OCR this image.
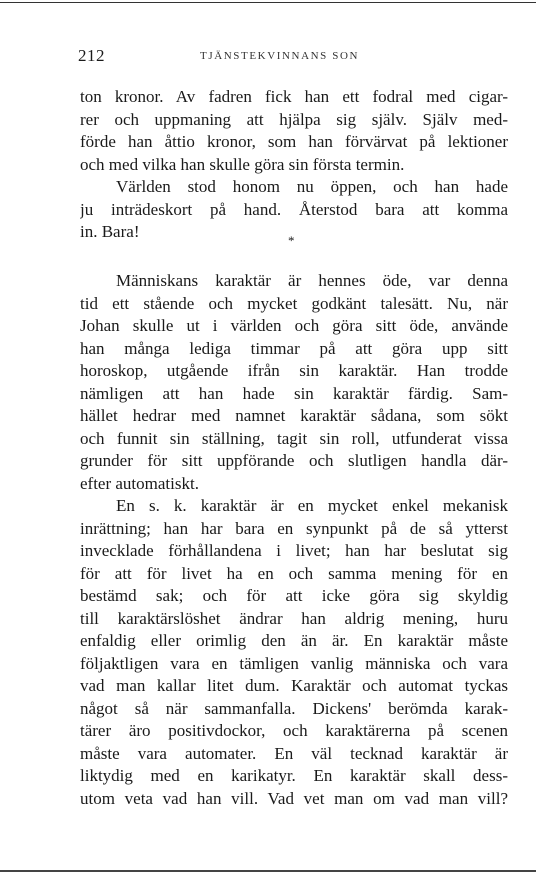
212	TJÄNSTEKVINNANS SON
ton kronor. Av fadren fick han ett fodral med cigar-
rer och uppmaning att hjälpa sig själv. Själv med-
förde han åttio kronor, som han förvärvat på lektioner
och med vilka han skulle göra sin första termin.
Världen stod honom nu öppen, och han hade
ju inträdeskort på hand. Återstod bara att komma
in. Bara!	*
Människans karaktär är hennes öde, var denna
tid ett stående och mycket godkänt talesätt. Nu, när
Johan skulle ut i världen och göra sitt öde, använde
han många lediga timmar på att göra upp sitt
horoskop, utgående ifrån sin karaktär. Han trodde
nämligen att han hade sin karaktär färdig. Sam-
hället hedrar med namnet karaktär sådana, som sökt
och funnit sin ställning, tagit sin roll, utfunderat vissa
grunder för sitt uppförande och slutligen handla där-
efter automatiskt.
En s. k. karaktär är en mycket enkel mekanisk
inrättning; han har bara en synpunkt på de så ytterst
invecklade förhållandena i livet; han har beslutat sig
för att för livet ha en och samma mening för en
bestämd sak; och för att icke göra sig skyldig
till karaktärslöshet ändrar han aldrig mening, huru
enfaldig eller orimlig den än är. En karaktär måste
följaktligen vara en tämligen vanlig människa och vara
vad man kallar litet dum. Karaktär och automat tyckas
något så när sammanfalla. Dickens' berömda karak-
tärer äro positivdockor, och karaktärerna på scenen
måste vara automater. En väl tecknad karaktär är
liktydig med en karikatyr. En karaktär skall dess-
utom veta vad han vill. Vad vet man om vad man vill?
